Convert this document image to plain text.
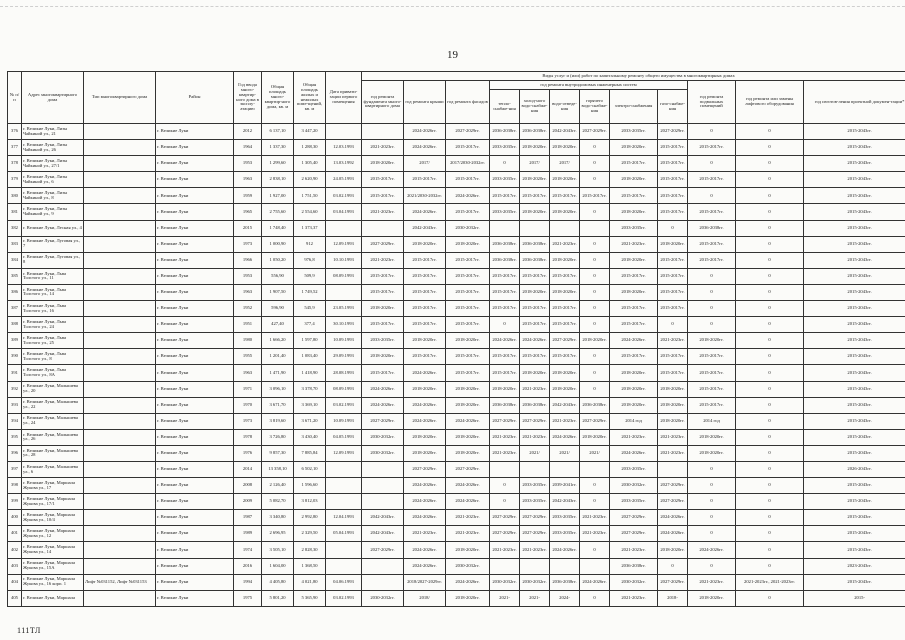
19
№ п/п	Адрес многоквартирного дома	Тип многоквартирного дома	Район	Год ввода много-квартир-ного дома в эксплу-атацию	Общая площадь много-квартир-ного дома, кв. м	Общая площадь жилых и нежилых поме-щений, кв. м	Дата привати-зации первого помещения	Виды услуг и (или) работ по капитальному ремонту общего имущества в многоквартирных домах											
								год ремонта фундамента много-квартирного дома	год ремонта крыши	год ремонта фасадов	год ремонта внутридомовых инженерных систем						год ремонта подвальных помещений	год ремонта или замены лифтового оборудования	год изготов-ления проектной докумен-тации*
											тепло-снабже-ния	холод-ного водо-снабже-ния	водо-отведе-ния	горячего водо-снабже-ния	электро-снабжения	газо-снабже-ния			
376	г. Великие Луки, Лизы Чайкиной ул., 21		г. Великие Луки	2012	6 137,10	3 447,20			2024-2026гг.	2027-2029гг.	2036-2038гг.	2036-2038гг.	2042-2043гг.	2027-2029гг.	2033-2035гг.	2027-2029гг.	0	0	2015-2043гг.
377	г. Великие Луки, Лизы Чайкиной ул., 26		г. Великие Луки	1964	1 337,30	1 288,30	12.03.1993	2021-2023гг.	2024-2026гг.	2015-2017гг.	2033-2035гг.	2018-2020гг.	2018-2020гг.	0	2018-2020гг.	2015-2017гг.	2015-2017гг.	0	2015-2043гг.
378	г. Великие Луки, Лизы Чайкиной ул., 27/1		г. Великие Луки	1953	1 299,60	1 305,40	13.03.1992	2018-2020гг.	2017/	2017/2030-2032гг.	0	2017/	2017/	0	2015-2017гг.	2015-2017гг.	0	0	2015-2043гг.
379	г. Великие Луки, Лизы Чайкиной ул., 6		г. Великие Луки	1963	2 838,10	2 620,90	24.05.1993	2015-2017гг.	2015-2017гг.	2015-2017гг.	2033-2035гг.	2018-2020гг.	2018-2020гг.	0	2018-2020гг.	2015-2017гг.	2015-2017гг.	0	2015-2043гг.
380	г. Великие Луки, Лизы Чайкиной ул., 8		г. Великие Луки	1959	1 927,00	1 751,50	03.02.1993	2015-2017гг.	2021/2030-2032гг.	2024-2026гг.	2015-2017гг.	2015-2017гг.	2015-2017гг.	2015-2017гг.	2015-2017гг.	2015-2017гг.	0	0	2015-2043гг.
381	г. Великие Луки, Лизы Чайкиной ул., 9		г. Великие Луки	1965	2 755,60	2 554,60	03.04.1993	2021-2023гг.	2024-2026гг.	2015-2017гг.	2033-2035гг.	2018-2020гг.	2018-2020гг.	0	2018-2020гг.	2015-2017гг.	2015-2017гг.	0	2015-2043гг.
382	г. Великие Луки, Лесная ул., 4		г. Великие Луки	2015	1 748,40	1 373,37			2042-2043гг.	2030-2032гг.					2033-2035гг.	0	2036-2038гг.	0	2015-2043гг.
383	г. Великие Луки, Луговая ул., 7		г. Великие Луки	1973	1 000,90	912	12.09.1993	2027-2029гг.	2018-2020гг.	2018-2020гг.	2036-2038гг.	2036-2038гг.	2021-2023гг.	0	2021-2023гг.	2018-2020гг.	2015-2017гг.	0	2015-2043гг.
384	г. Великие Луки, Луговая ул., 8		г. Великие Луки	1966	1 050,20	976,8	10.10.1993	2021-2023гг.	2015-2017гг.	2015-2017гг.	2036-2038гг.	2036-2038гг.	2018-2020гг.	0	2018-2020гг.	2015-2017гг.	2015-2017гг.	0	2015-2043гг.
385	г. Великие Луки, Льва Толстого ул., 11		г. Великие Луки	1953	556,90	509,9	08.09.1993	2015-2017гг.	2015-2017гг.	2015-2017гг.	2015-2017гг.	2015-2017гг.	2015-2017гг.	0	2015-2017гг.	2015-2017гг.	0	0	2015-2043гг.
386	г. Великие Луки, Льва Толстого ул., 14		г. Великие Луки	1963	1 907,50	1 749,52		2015-2017гг.	2015-2017гг.	2015-2017гг.	2015-2017гг.	2018-2020гг.	2018-2020гг.	0	2018-2020гг.	2015-2017гг.	0	0	2015-2043гг.
387	г. Великие Луки, Льва Толстого ул., 16		г. Великие Луки	1952	596,90	545,9	23.05.1993	2018-2020гг.	2015-2017гг.	2015-2017гг.	2015-2017гг.	2015-2017гг.	2015-2017гг.	0	2015-2017гг.	2015-2017гг.	0	0	2015-2043гг.
388	г. Великие Луки, Льва Толстого ул., 24		г. Великие Луки	1951	427,40	377,4	30.10.1993	2015-2017гг.	2015-2017гг.	2015-2017гг.	0	2015-2017гг.	2015-2017гг.	0	2015-2017гг.	0	0	0	2015-2043гг.
389	г. Великие Луки, Льва Толстого ул., 25		г. Великие Луки	1980	1 666,20	1 597,80	10.09.1993	2033-2035гг.	2018-2020гг.	2018-2020гг.	2024-2026гг.	2024-2026гг.	2027-2029гг.	2018-2020гг.	2024-2026гг.	2021-2023гг.	2018-2020гг.	0	2015-2043гг.
390	г. Великие Луки, Льва Толстого ул., 8		г. Великие Луки	1955	1 201,40	1 083,40	29.09.1993	2018-2020гг.	2015-2017гг.	2015-2017гг.	2015-2017гг.	2015-2017гг.	2015-2017гг.	0	2015-2017гг.	2015-2017гг.	2015-2017гг.	0	2015-2043гг.
391	г. Великие Луки, Льва Толстого ул., 8А		г. Великие Луки	1963	1 471,90	1 418,90	28.08.1993	2015-2017гг.	2024-2026гг.	2015-2017гг.	2015-2017гг.	2018-2020гг.	2018-2020гг.	0	2018-2020гг.	2015-2017гг.	2015-2017гг.	0	2015-2043гг.
392	г. Великие Луки, Малышева ул., 20		г. Великие Луки	1971	3 096,10	3 378,70	08.09.1993	2024-2026гг.	2018-2020гг.	2018-2020гг.	2018-2020гг.	2021-2023гг.	2018-2020гг.	0	2018-2020гг.	2018-2020гг.	2015-2017гг.	0	2015-2043гг.
393	г. Великие Луки, Малышева ул., 22		г. Великие Луки	1970	3 671,70	3 369,10	03.02.1993	2024-2026гг.	2024-2026гг.	2018-2020гг.	2036-2038гг.	2036-2038гг.	2042-2043гг.	2036-2038гг.	2018-2020гг.	2018-2020гг.	2015-2017гг.	0	2015-2043гг.
394	г. Великие Луки, Малышева ул., 24		г. Великие Луки	1973	3 819,60	3 671,20	10.09.1993	2027-2029гг.	2024-2026гг.	2024-2026гг.	2027-2029гг.	2027-2029гг.	2021-2023гг.	2027-2029гг.	2014 год	2018-2020гг.	2014 год	0	2015-2043гг.
395	г. Великие Луки, Малышева ул., 26		г. Великие Луки	1978	3 726,80	3 430,40	04.05.1993	2030-2032гг.	2018-2020гг.	2018-2020гг.	2021-2023гг.	2021-2023гг.	2024-2026гг.	2018-2020гг.	2021-2023гг.	2021-2023гг.	2018-2020гг.	0	2015-2043гг.
396	г. Великие Луки, Малышева ул., 28		г. Великие Луки	1976	9 857,30	7 885,84	12.09.1993	2030-2032гг.	2018-2020гг.	2018-2020гг.	2021-2023гг.	2021/	2021/	2021/	2024-2026гг.	2021-2023гг.	2018-2020гг.	0	2015-2043гг.
397	г. Великие Луки, Малышева ул., 6		г. Великие Луки	2014	13 358,10	6 502,10			2027-2029гг.	2027-2029гг.					2033-2035гг.		0	0	2026-2043гг.
398	г. Великие Луки, Маршала Жукова ул., 17		г. Великие Луки	2008	2 126,40	1 596,60			2024-2026гг.	2024-2026гг.	0	2033-2035гг.	2039-2041гг.	0	2030-2032гг.	2027-2029гг.	0	0	2015-2043гг.
399	г. Великие Луки, Маршала Жукова ул., 17/1		г. Великие Луки	2009	5 082,70	3 812,03			2024-2026гг.	2024-2026гг.	0	2033-2035гг.	2042-2043гг.	0	2033-2035гг.	2027-2029гг.	0	0	2015-2043гг.
400	г. Великие Луки, Маршала Жукова ул., 10/4		г. Великие Луки	1987	3 340,80	2 992,80	12.04.1993	2042-2043гг.	2024-2026гг.	2021-2023гг.	2027-2029гг.	2027-2029гг.	2033-2035гг.	2021-2023гг.	2027-2029гг.	2024-2026гг.	0	0	2015-2043гг.
401	г. Великие Луки, Маршала Жукова ул., 12		г. Великие Луки	1989	2 696,95	2 329,50	05.04.1993	2042-2043гг.	2021-2023гг.	2021-2023гг.	2027-2029гг.	2027-2029гг.	2033-2035гг.	2021-2023гг.	2027-2029гг.	2024-2026гг.	0	0	2015-2043гг.
402	г. Великие Луки, Маршала Жукова ул., 14		г. Великие Луки	1974	3 505,10	2 828,30		2027-2029гг.	2024-2026гг.	2018-2020гг.	2021-2023гг.	2021-2023гг.	2024-2026гг.	0	2021-2023гг.	2018-2020гг.	2024-2026гг.	0	2015-2043гг.
403	г. Великие Луки, Маршала Жукова ул., 15А		г. Великие Луки	2016	1 604,00	1 368,50			2024-2026гг.	2030-2032гг.					2036-2038гг.	0	0	0	2023-2043гг.
404	г. Великие Луки, Маршала Жукова ул., 16 корп. 1	Лифт №031152, Лифт №031153	г. Великие Луки	1994	4 405,80	4 021,80	04.06.1993		2018/2027-2029гг.	2024-2026гг.	2030-2032гг.	2030-2032гг.	2036-2038гг.	2024-2026гг.	2030-2032гг.	2027-2029гг.	2021-2023гг.	2021-2023гг., 2021-2023гг.	2015-2043гг.
405	г. Великие Луки, Маршала		г. Великие Луки	1975	5 801,20	5 365,90	03.02.1993	2030-2032гг.	2018/	2018-2020гг.	2021-	2021-	2024-	0	2021-2023гг.	2018-	2018-2020гг.	0	2015-
111ТЛ
